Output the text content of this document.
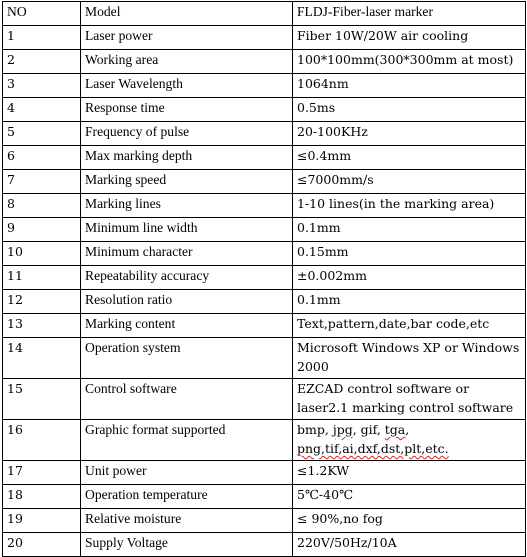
NO	Model	FLDJ-Fiber-laser marker
1	Laser power	Fiber 10W/20W air cooling
2	Working area	100*100mm(300*300mm at most)
3	Laser Wavelength	1064nm
4	Response time	0.5ms
5	Frequency of pulse	20-100KHz
6	Max marking depth	≤0.4mm
7	Marking speed	≤7000mm/s
8	Marking lines	1-10 lines(in the marking area)
9	Minimum line width	0.1mm
10	Minimum character	0.15mm
11	Repeatability accuracy	±0.002mm
12	Resolution ratio	0.1mm
13	Marking content	Text,pattern,date,bar code,etc
14	Operation system	Microsoft Windows XP or Windows 2000
15	Control software	EZCAD control software or laser2.1 marking control software
16	Graphic format supported	bmp, jpg, gif, tga,
png,tif,ai,dxf,dst,plt,etc.
17	Unit power	≤1.2KW
18	Operation temperature	5℃-40℃
19	Relative moisture	≤ 90%,no fog
20	Supply Voltage	220V/50Hz/10A
